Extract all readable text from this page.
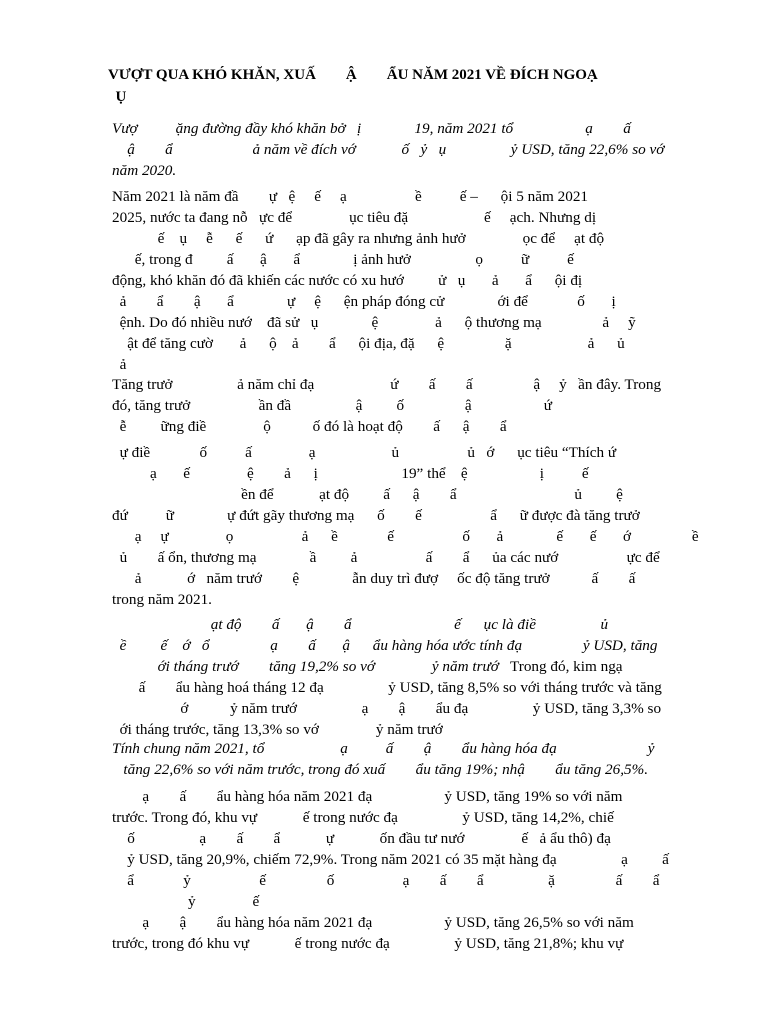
VƯỢT QUA KHÓ KHĂN, XUẤ        Ậ        ẨU NĂM 2021 VỀ ĐÍCH NGOẠ
Ụ
Vượ          ặng đường đầy khó khăn bở   ị              19, năm 2021 tổ                   ạ        ấ
ậ        ẩ                     ả năm về đích vớ            ố   ỷ   ụ                 ỷ USD, tăng 22,6% so vớ
năm 2020.
Năm 2021 là năm đầ        ự   ệ     ế     ạ                  ề          ế –      ội 5 năm 2021
2025, nước ta đang nỗ   ực để               ục tiêu đặ                    ế     ạch. Nhưng dị
ế    ụ     ễ      ế      ứ      ạp đã gây ra nhưng ảnh hưở               ọc để     ạt độ
ế, trong đ         ấ       ậ       ẩ              ị ảnh hưở                 ọ          ữ          ế
động, khó khăn đó đã khiến các nước có xu hướ         ử   ụ       ả       ẩ      ội đị
ả        ẩ        ậ       ẩ              ự     ệ      ện pháp đóng cử              ới để             ố       ị
ệnh. Do đó nhiều nướ    đã sử   ụ              ệ               ả      ộ thương mạ                ả     ỹ
ật để tăng cườ       ả      ộ    ả        ẩ      ội địa, đặ      ệ                ặ                    ả      ủ
ả
Tăng trưở                 ả năm chỉ đạ                    ứ        ấ        ấ                ậ     ỷ   ần đây. Trong
đó, tăng trưở                  ần đầ                 ậ         ố                ậ                   ứ
ễ         ững điề               ộ           ố đó là hoạt độ        ấ      ậ        ẩ
ự điề             ố          ấ               ạ                    ủ                  ủ   ớ      ục tiêu “Thích ứ
ạ       ế               ệ        ả      ị                      19” thể    ệ                   ị          ế
ền để            ạt độ         ấ      ậ        ẩ                               ủ         ệ
đứ          ữ              ự đứt gãy thương mạ      ố        ế                  ẩ      ữ được đà tăng trưở
ạ     ự               ọ                  ả      ề             ế                  ố       ả              ế       ế       ớ                ề
ủ        ấ ổn, thương mạ              ầ         ả                  ấ        ẩ      ủa các nướ                  ực để
ả            ớ   năm trướ        ệ              ẫn duy trì đượ     ốc độ tăng trưở           ấ        ấ
trong năm 2021.
ạt độ        ấ       ậ        ẩ                           ế      ục là điề                 ủ
ề         ế    ớ   ổ                ạ        ấ       ậ      ẩu hàng hóa ước tính đạ                ỷ USD, tăng
ới tháng trướ        tăng 19,2% so vớ               ỷ năm trướ   Trong đó, kim ngạ
ấ        ẩu hàng hoá tháng 12 đạ                 ỷ USD, tăng 8,5% so với tháng trước và tăng
ớ           ỷ năm trướ                 ạ        ậ        ẩu đạ                 ỷ USD, tăng 3,3% so
ới tháng trước, tăng 13,3% so vớ               ỷ năm trướ
Tính chung năm 2021, tổ                    ạ          ấ        ậ        ẩu hàng hóa đạ                        ỷ
tăng 22,6% so với năm trước, trong đó xuấ        ẩu tăng 19%; nhậ        ẩu tăng 26,5%.
ạ        ấ        ẩu hàng hóa năm 2021 đạ                   ỷ USD, tăng 19% so với năm
trước. Trong đó, khu vự            ế trong nước đạ                 ỷ USD, tăng 14,2%, chiế
ố                 ạ        ấ        ẩ            ự            ốn đầu tư nướ               ế   ả ẩu thô) đạ
ỷ USD, tăng 20,9%, chiếm 72,9%. Trong năm 2021 có 35 mặt hàng đạ                 ạ         ấ
ẩ             ỷ                  ế                ố                  ạ        ấ        ẩ                 ặ                ấ        ẩ
ỷ               ế
ạ        ậ        ẩu hàng hóa năm 2021 đạ                   ỷ USD, tăng 26,5% so với năm
trước, trong đó khu vự            ế trong nước đạ                 ỷ USD, tăng 21,8%; khu vự
